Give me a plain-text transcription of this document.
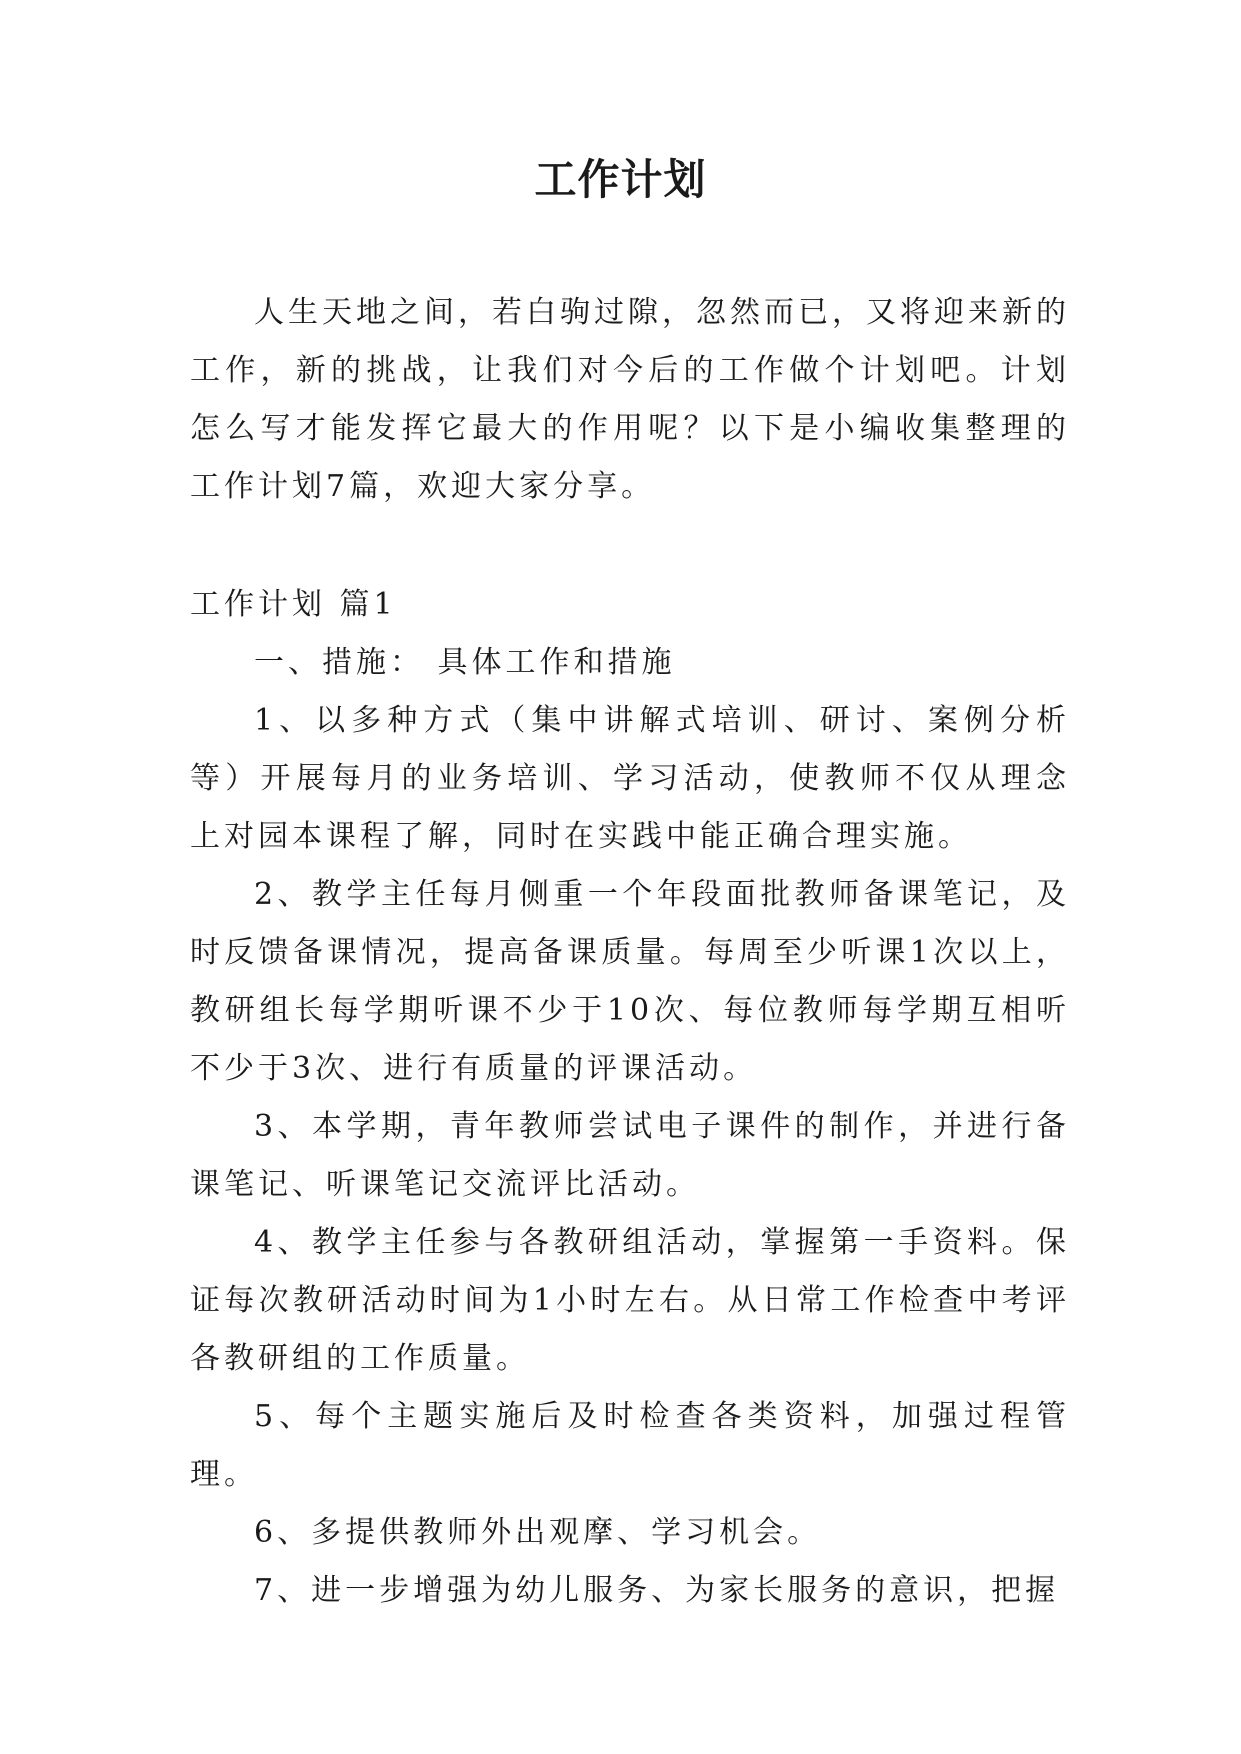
工作计划

人生天地之间，若白驹过隙，忽然而已，又将迎来新的工作，新的挑战，让我们对今后的工作做个计划吧。计划怎么写才能发挥它最大的作用呢？以下是小编收集整理的工作计划7篇，欢迎大家分享。

工作计划 篇1

一、措施： 具体工作和措施

1、以多种方式（集中讲解式培训、研讨、案例分析等）开展每月的业务培训、学习活动，使教师不仅从理念上对园本课程了解，同时在实践中能正确合理实施。

2、教学主任每月侧重一个年段面批教师备课笔记，及时反馈备课情况，提高备课质量。每周至少听课1次以上，教研组长每学期听课不少于10次、每位教师每学期互相听不少于3次、进行有质量的评课活动。

3、本学期，青年教师尝试电子课件的制作，并进行备课笔记、听课笔记交流评比活动。

4、教学主任参与各教研组活动，掌握第一手资料。保证每次教研活动时间为1小时左右。从日常工作检查中考评各教研组的工作质量。

5、每个主题实施后及时检查各类资料，加强过程管理。

6、多提供教师外出观摩、学习机会。

7、进一步增强为幼儿服务、为家长服务的意识，把握
